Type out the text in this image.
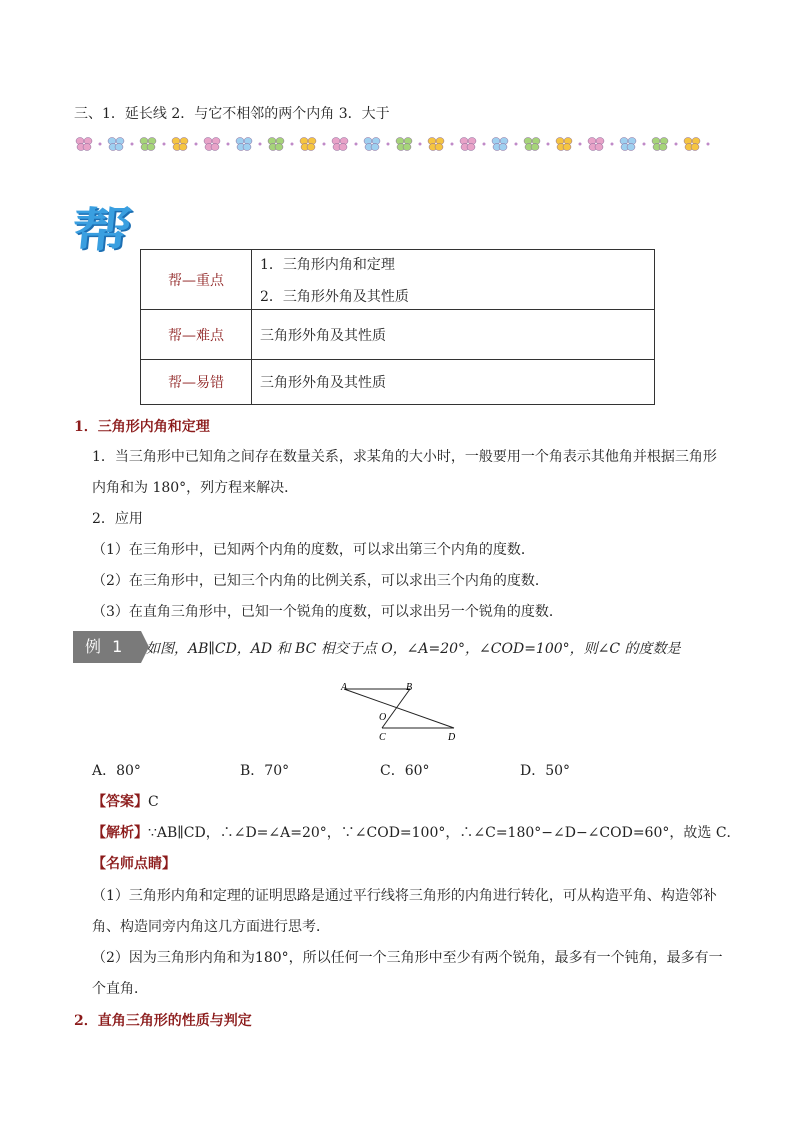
三、1．延长线 2．与它不相邻的两个内角 3．大于
帮
帮—重点	1．三角形内角和定理
2．三角形外角及其性质

帮—难点	三角形外角及其性质
帮—易错	三角形外角及其性质
1．三角形内角和定理
1．当三角形中已知角之间存在数量关系，求某角的大小时，一般要用一个角表示其他角并根据三角形
内角和为 180°，列方程来解决．
2．应用
（1）在三角形中，已知两个内角的度数，可以求出第三个内角的度数．
（2）在三角形中，已知三个内角的比例关系，可以求出三个内角的度数．
（3）在直角三角形中，已知一个锐角的度数，可以求出另一个锐角的度数．
例 1	如图，AB∥CD，AD 和 BC 相交于点 O，∠A=20°，∠COD=100°，则∠C 的度数是
A	B
O
C	D
A．80°	B．70°	C．60°	D．50°
【答案】C
【解析】∵AB∥CD，∴∠D=∠A=20°，∵∠COD=100°，∴∠C=180°−∠D−∠COD=60°，故选 C．
【名师点睛】
（1）三角形内角和定理的证明思路是通过平行线将三角形的内角进行转化，可从构造平角、构造邻补
角、构造同旁内角这几方面进行思考．
（2）因为三角形内角和为180°，所以任何一个三角形中至少有两个锐角，最多有一个钝角，最多有一
个直角．
2．直角三角形的性质与判定
